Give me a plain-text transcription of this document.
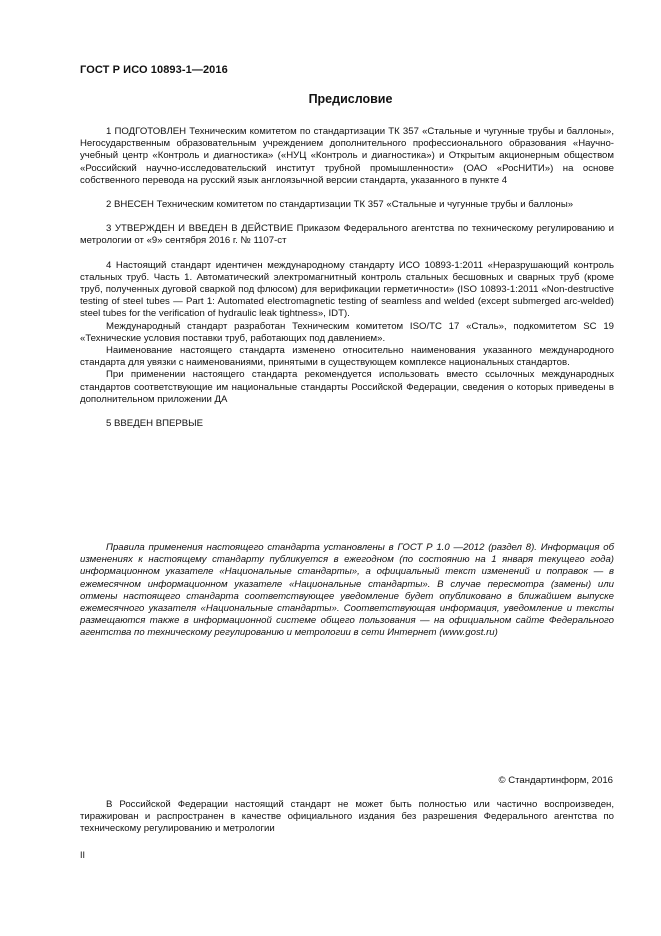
ГОСТ Р ИСО 10893-1—2016
Предисловие

1 ПОДГОТОВЛЕН Техническим комитетом по стандартизации ТК 357 «Стальные и чугунные трубы и баллоны», Негосударственным образовательным учреждением дополнительного профессионального образования «Научно-учебный центр «Контроль и диагностика» («НУЦ «Контроль и диагностика») и Открытым акционерным обществом «Российский научно-исследовательский институт трубной промышленности» (ОАО «РосНИТИ») на основе собственного перевода на русский язык англоязычной версии стандарта, указанного в пункте 4

2 ВНЕСЕН Техническим комитетом по стандартизации ТК 357 «Стальные и чугунные трубы и баллоны»

3 УТВЕРЖДЕН И ВВЕДЕН В ДЕЙСТВИЕ Приказом Федерального агентства по техническому регулированию и метрологии от «9» сентября 2016 г. № 1107-ст

4 Настоящий стандарт идентичен международному стандарту ИСО 10893-1:2011 «Неразрушающий контроль стальных труб. Часть 1. Автоматический электромагнитный контроль стальных бесшовных и сварных труб (кроме труб, полученных дуговой сваркой под флюсом) для верификации герметичности» (ISO 10893-1:2011 «Non-destructive testing of steel tubes — Part 1: Automated electromagnetic testing of seamless and welded (except submerged arc-welded) steel tubes for the verification of hydraulic leak tightness», IDT).

Международный стандарт разработан Техническим комитетом ISO/TC 17 «Сталь», подкомитетом SC 19 «Технические условия поставки труб, работающих под давлением».

Наименование настоящего стандарта изменено относительно наименования указанного международного стандарта для увязки с наименованиями, принятыми в существующем комплексе национальных стандартов.

При применении настоящего стандарта рекомендуется использовать вместо ссылочных международных стандартов соответствующие им национальные стандарты Российской Федерации, сведения о которых приведены в дополнительном приложении ДА

5 ВВЕДЕН ВПЕРВЫЕ

Правила применения настоящего стандарта установлены в ГОСТ Р 1.0 —2012 (раздел 8). Информация об изменениях к настоящему стандарту публикуется в ежегодном (по состоянию на 1 января текущего года) информационном указателе «Национальные стандарты», а официальный текст изменений и поправок — в ежемесячном информационном указателе «Национальные стандарты». В случае пересмотра (замены) или отмены настоящего стандарта соответствующее уведомление будет опубликовано в ближайшем выпуске ежемесячного указателя «Национальные стандарты». Соответствующая информация, уведомление и тексты размещаются также в информационной системе общего пользования — на официальном сайте Федерального агентства по техническому регулированию и метрологии в сети Интернет (www.gost.ru)

© Стандартинформ, 2016

В Российской Федерации настоящий стандарт не может быть полностью или частично воспроизведен, тиражирован и распространен в качестве официального издания без разрешения Федерального агентства по техническому регулированию и метрологии

II
